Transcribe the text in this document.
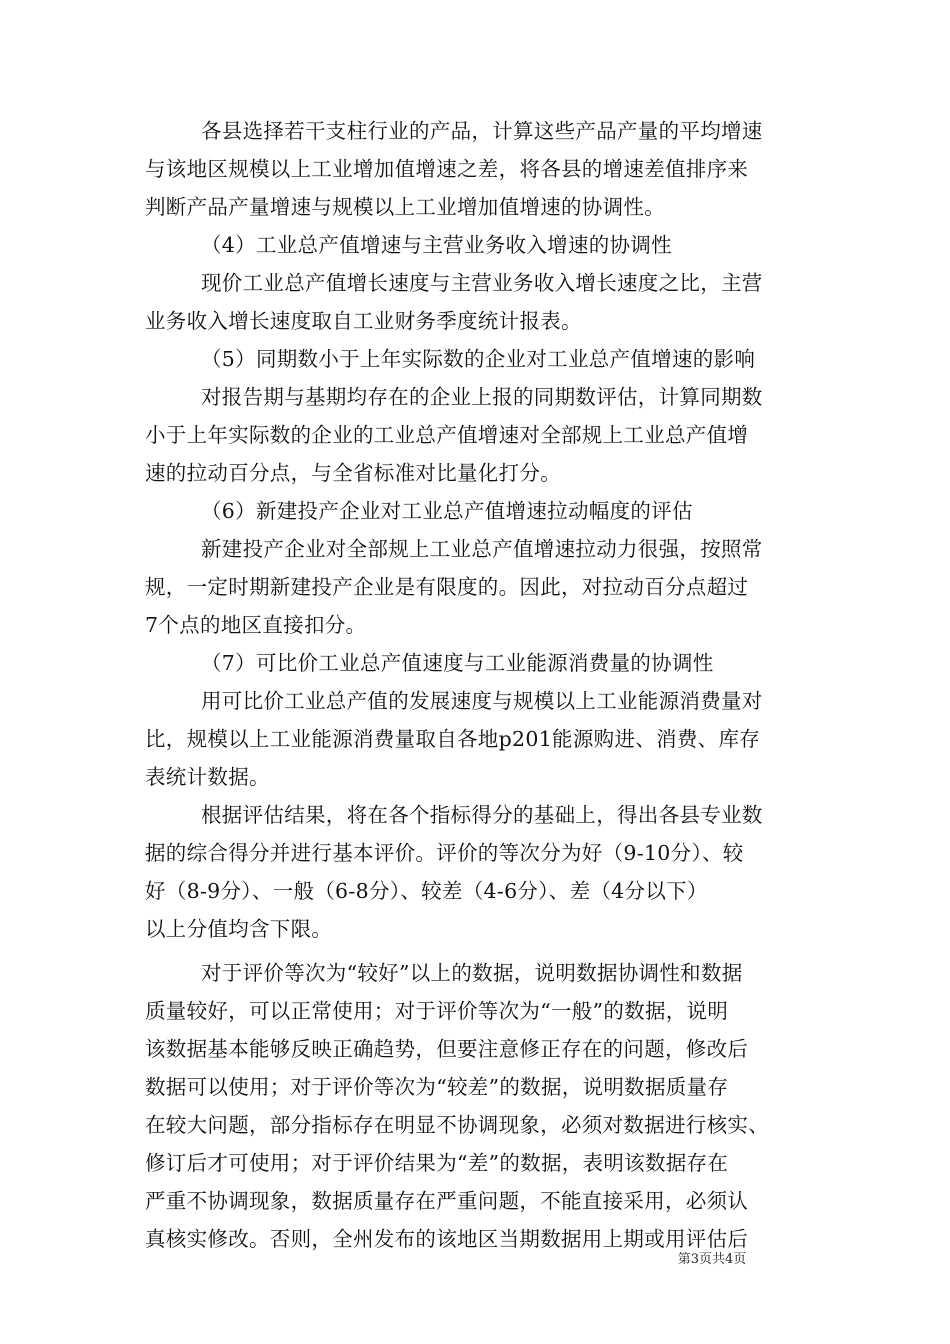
各县选择若干支柱行业的产品，计算这些产品产量的平均增速
与该地区规模以上工业增加值增速之差，将各县的增速差值排序来
判断产品产量增速与规模以上工业增加值增速的协调性。
（4）工业总产值增速与主营业务收入增速的协调性
现价工业总产值增长速度与主营业务收入增长速度之比，主营
业务收入增长速度取自工业财务季度统计报表。
（5）同期数小于上年实际数的企业对工业总产值增速的影响
对报告期与基期均存在的企业上报的同期数评估，计算同期数
小于上年实际数的企业的工业总产值增速对全部规上工业总产值增
速的拉动百分点，与全省标准对比量化打分。
（6）新建投产企业对工业总产值增速拉动幅度的评估
新建投产企业对全部规上工业总产值增速拉动力很强，按照常
规，一定时期新建投产企业是有限度的。因此，对拉动百分点超过
7个点的地区直接扣分。
（7）可比价工业总产值速度与工业能源消费量的协调性
用可比价工业总产值的发展速度与规模以上工业能源消费量对
比，规模以上工业能源消费量取自各地p201能源购进、消费、库存
表统计数据。
根据评估结果，将在各个指标得分的基础上，得出各县专业数
据的综合得分并进行基本评价。评价的等次分为好（9-10分）、较
好（8-9分）、一般（6-8分）、较差（4-6分）、差（4分以下）
以上分值均含下限。
对于评价等次为“较好”以上的数据，说明数据协调性和数据
质量较好，可以正常使用；对于评价等次为“一般”的数据，说明
该数据基本能够反映正确趋势，但要注意修正存在的问题，修改后
数据可以使用；对于评价等次为“较差”的数据，说明数据质量存
在较大问题，部分指标存在明显不协调现象，必须对数据进行核实、
修订后才可使用；对于评价结果为“差”的数据，表明该数据存在
严重不协调现象，数据质量存在严重问题，不能直接采用，必须认
真核实修改。否则，全州发布的该地区当期数据用上期或用评估后
第3页共4页
